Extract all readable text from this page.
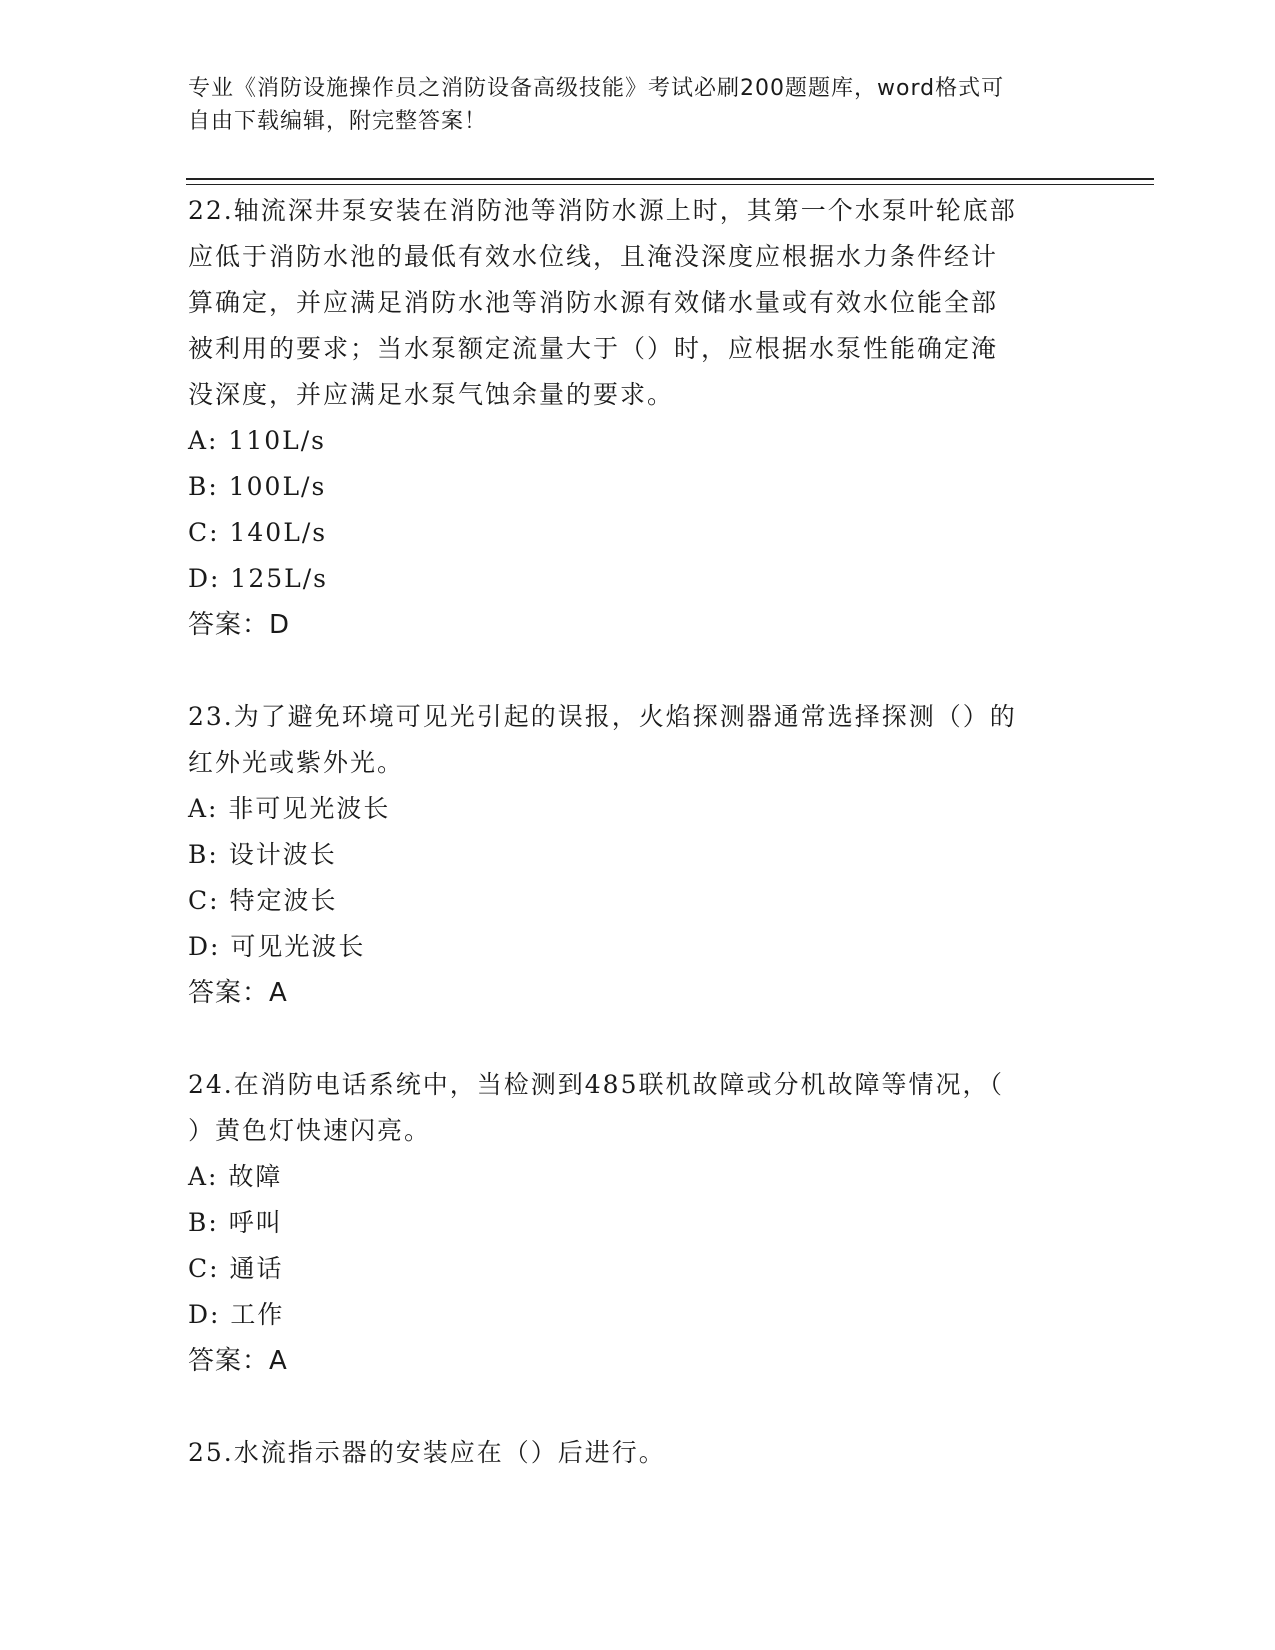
专业《消防设施操作员之消防设备高级技能》考试必刷200题题库，word格式可
自由下载编辑，附完整答案！

22.轴流深井泵安装在消防池等消防水源上时，其第一个水泵叶轮底部

应低于消防水池的最低有效水位线，且淹没深度应根据水力条件经计

算确定，并应满足消防水池等消防水源有效储水量或有效水位能全部

被利用的要求；当水泵额定流量大于（）时，应根据水泵性能确定淹

没深度，并应满足水泵气蚀余量的要求。

A: 110L/s

B: 100L/s

C: 140L/s

D: 125L/s

答案：D

23.为了避免环境可见光引起的误报，火焰探测器通常选择探测（）的

红外光或紫外光。

A: 非可见光波长

B: 设计波长

C: 特定波长

D: 可见光波长

答案：A

24.在消防电话系统中，当检测到485联机故障或分机故障等情况，（

）黄色灯快速闪亮。

A: 故障

B: 呼叫

C: 通话

D: 工作

答案：A

25.水流指示器的安装应在（）后进行。
